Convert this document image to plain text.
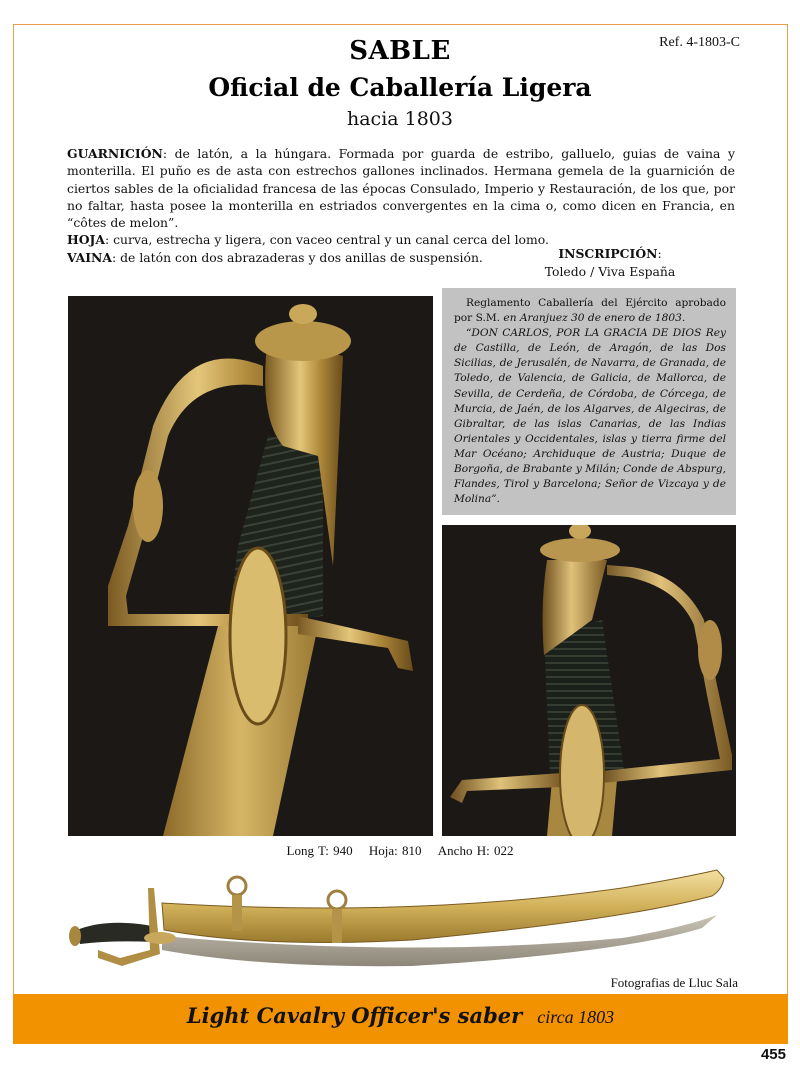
Ref. 4-1803-C
SABLE
Oficial de Caballería Ligera
hacia 1803

GUARNICIÓN: de latón, a la húngara. Formada por guarda de estribo, galluelo, guias de vaina y monterilla. El puño es de asta con estrechos gallones inclinados. Hermana gemela de la guarnición de ciertos sables de la oficialidad francesa de las épocas Consulado, Imperio y Restauración, de los que, por no faltar, hasta posee la monterilla en estriados convergentes en la cima o, como dicen en Francia, en “côtes de melon”.

HOJA: curva, estrecha y ligera, con vaceo central y un canal cerca del lomo.

VAINA: de latón con dos abrazaderas y dos anillas de suspensión.	INSCRIPCIÓN:
Toledo / Viva España

Reglamento Caballería del Ejército aprobado por S.M. en Aranjuez 30 de enero de 1803.

“DON CARLOS, POR LA GRACIA DE DIOS Rey de Castilla, de León, de Aragón, de las Dos Sicilias, de Jerusalén, de Navarra, de Granada, de Toledo, de Valencia, de Galicia, de Mallorca, de Sevilla, de Cerdeña, de Córdoba, de Córcega, de Murcia, de Jaén, de los Algarves, de Algeciras, de Gibraltar, de las islas Canarias, de las Indias Orientales y Occidentales, islas y tierra firme del Mar Océano; Archiduque de Austria; Duque de Borgoña, de Brabante y Milán; Conde de Abspurg, Flandes, Tirol y Barcelona; Señor de Vizcaya y de Molina”.

Long T: 940 Hoja: 810 Ancho H: 022
Fotografias de Lluc Sala
Light Cavalry Officer's saber circa 1803
455
